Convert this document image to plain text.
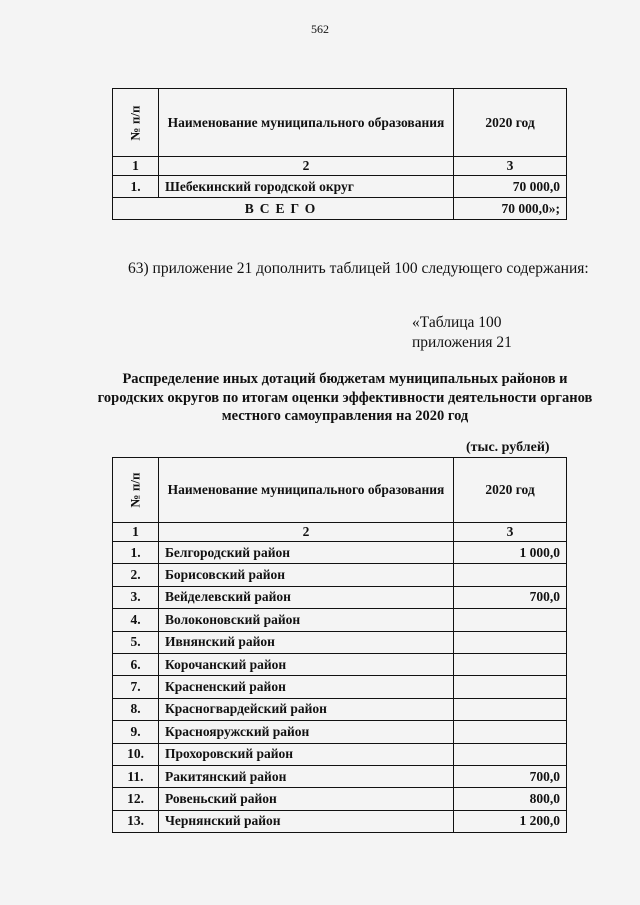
562
№ п/п	Наименование муниципального образования	2020 год
1	2	3
1.	Шебекинский городской округ	70 000,0
ВСЕГО		70 000,0»;
63) приложение 21 дополнить таблицей 100 следующего содержания:
«Таблица 100
приложения 21
Распределение иных дотаций бюджетам муниципальных районов и городских округов по итогам оценки эффективности деятельности органов местного самоуправления на 2020 год
(тыс. рублей)
№ п/п	Наименование муниципального образования	2020 год
1	2	3
1.	Белгородский район	1 000,0
2.	Борисовский район	
3.	Вейделевский район	700,0
4.	Волоконовский район	
5.	Ивнянский район	
6.	Корочанский район	
7.	Красненский район	
8.	Красногвардейский район	
9.	Краснояружский район	
10.	Прохоровский район	
11.	Ракитянский район	700,0
12.	Ровеньский район	800,0
13.	Чернянский район	1 200,0
